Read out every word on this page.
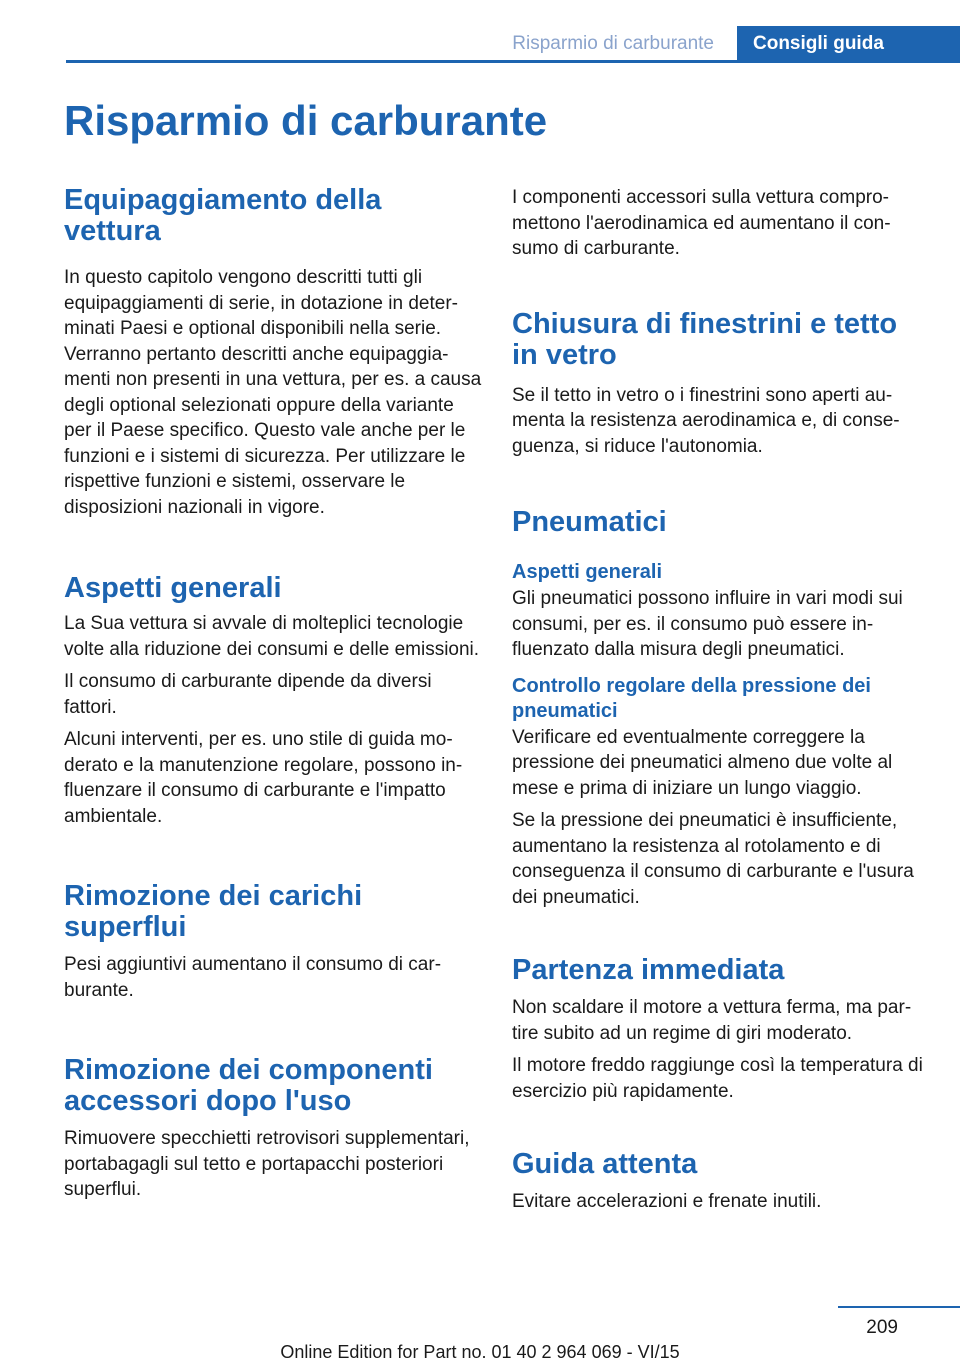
Risparmio di carburante	Consigli guida
Risparmio di carburante
Equipaggiamento della vettura

In questo capitolo vengono descritti tutti gli equipaggiamenti di serie, in dotazione in determinati Paesi e optional disponibili nella serie. Verranno pertanto descritti anche equipaggiamenti non presenti in una vettura, per es. a causa degli optional selezionati oppure della variante per il Paese specifico. Questo vale anche per le funzioni e i sistemi di sicurezza. Per utilizzare le rispettive funzioni e sistemi, osservare le disposizioni nazionali in vigore.

Aspetti generali

La Sua vettura si avvale di molteplici tecnologie volte alla riduzione dei consumi e delle emissioni.

Il consumo di carburante dipende da diversi fattori.

Alcuni interventi, per es. uno stile di guida moderato e la manutenzione regolare, possono influenzare il consumo di carburante e l'impatto ambientale.

Rimozione dei carichi superflui

Pesi aggiuntivi aumentano il consumo di carburante.

Rimozione dei componenti accessori dopo l'uso

Rimuovere specchietti retrovisori supplementari, portabagagli sul tetto e portapacchi posteriori superflui.

I componenti accessori sulla vettura compromettono l'aerodinamica ed aumentano il consumo di carburante.

Chiusura di finestrini e tetto in vetro

Se il tetto in vetro o i finestrini sono aperti aumenta la resistenza aerodinamica e, di conseguenza, si riduce l'autonomia.

Pneumatici
Aspetti generali

Gli pneumatici possono influire in vari modi sui consumi, per es. il consumo può essere influenzato dalla misura degli pneumatici.

Controllo regolare della pressione dei pneumatici

Verificare ed eventualmente correggere la pressione dei pneumatici almeno due volte al mese e prima di iniziare un lungo viaggio.

Se la pressione dei pneumatici è insufficiente, aumentano la resistenza al rotolamento e di conseguenza il consumo di carburante e l'usura dei pneumatici.

Partenza immediata

Non scaldare il motore a vettura ferma, ma partire subito ad un regime di giri moderato.

Il motore freddo raggiunge così la temperatura di esercizio più rapidamente.

Guida attenta

Evitare accelerazioni e frenate inutili.

209
Online Edition for Part no. 01 40 2 964 069 - VI/15
